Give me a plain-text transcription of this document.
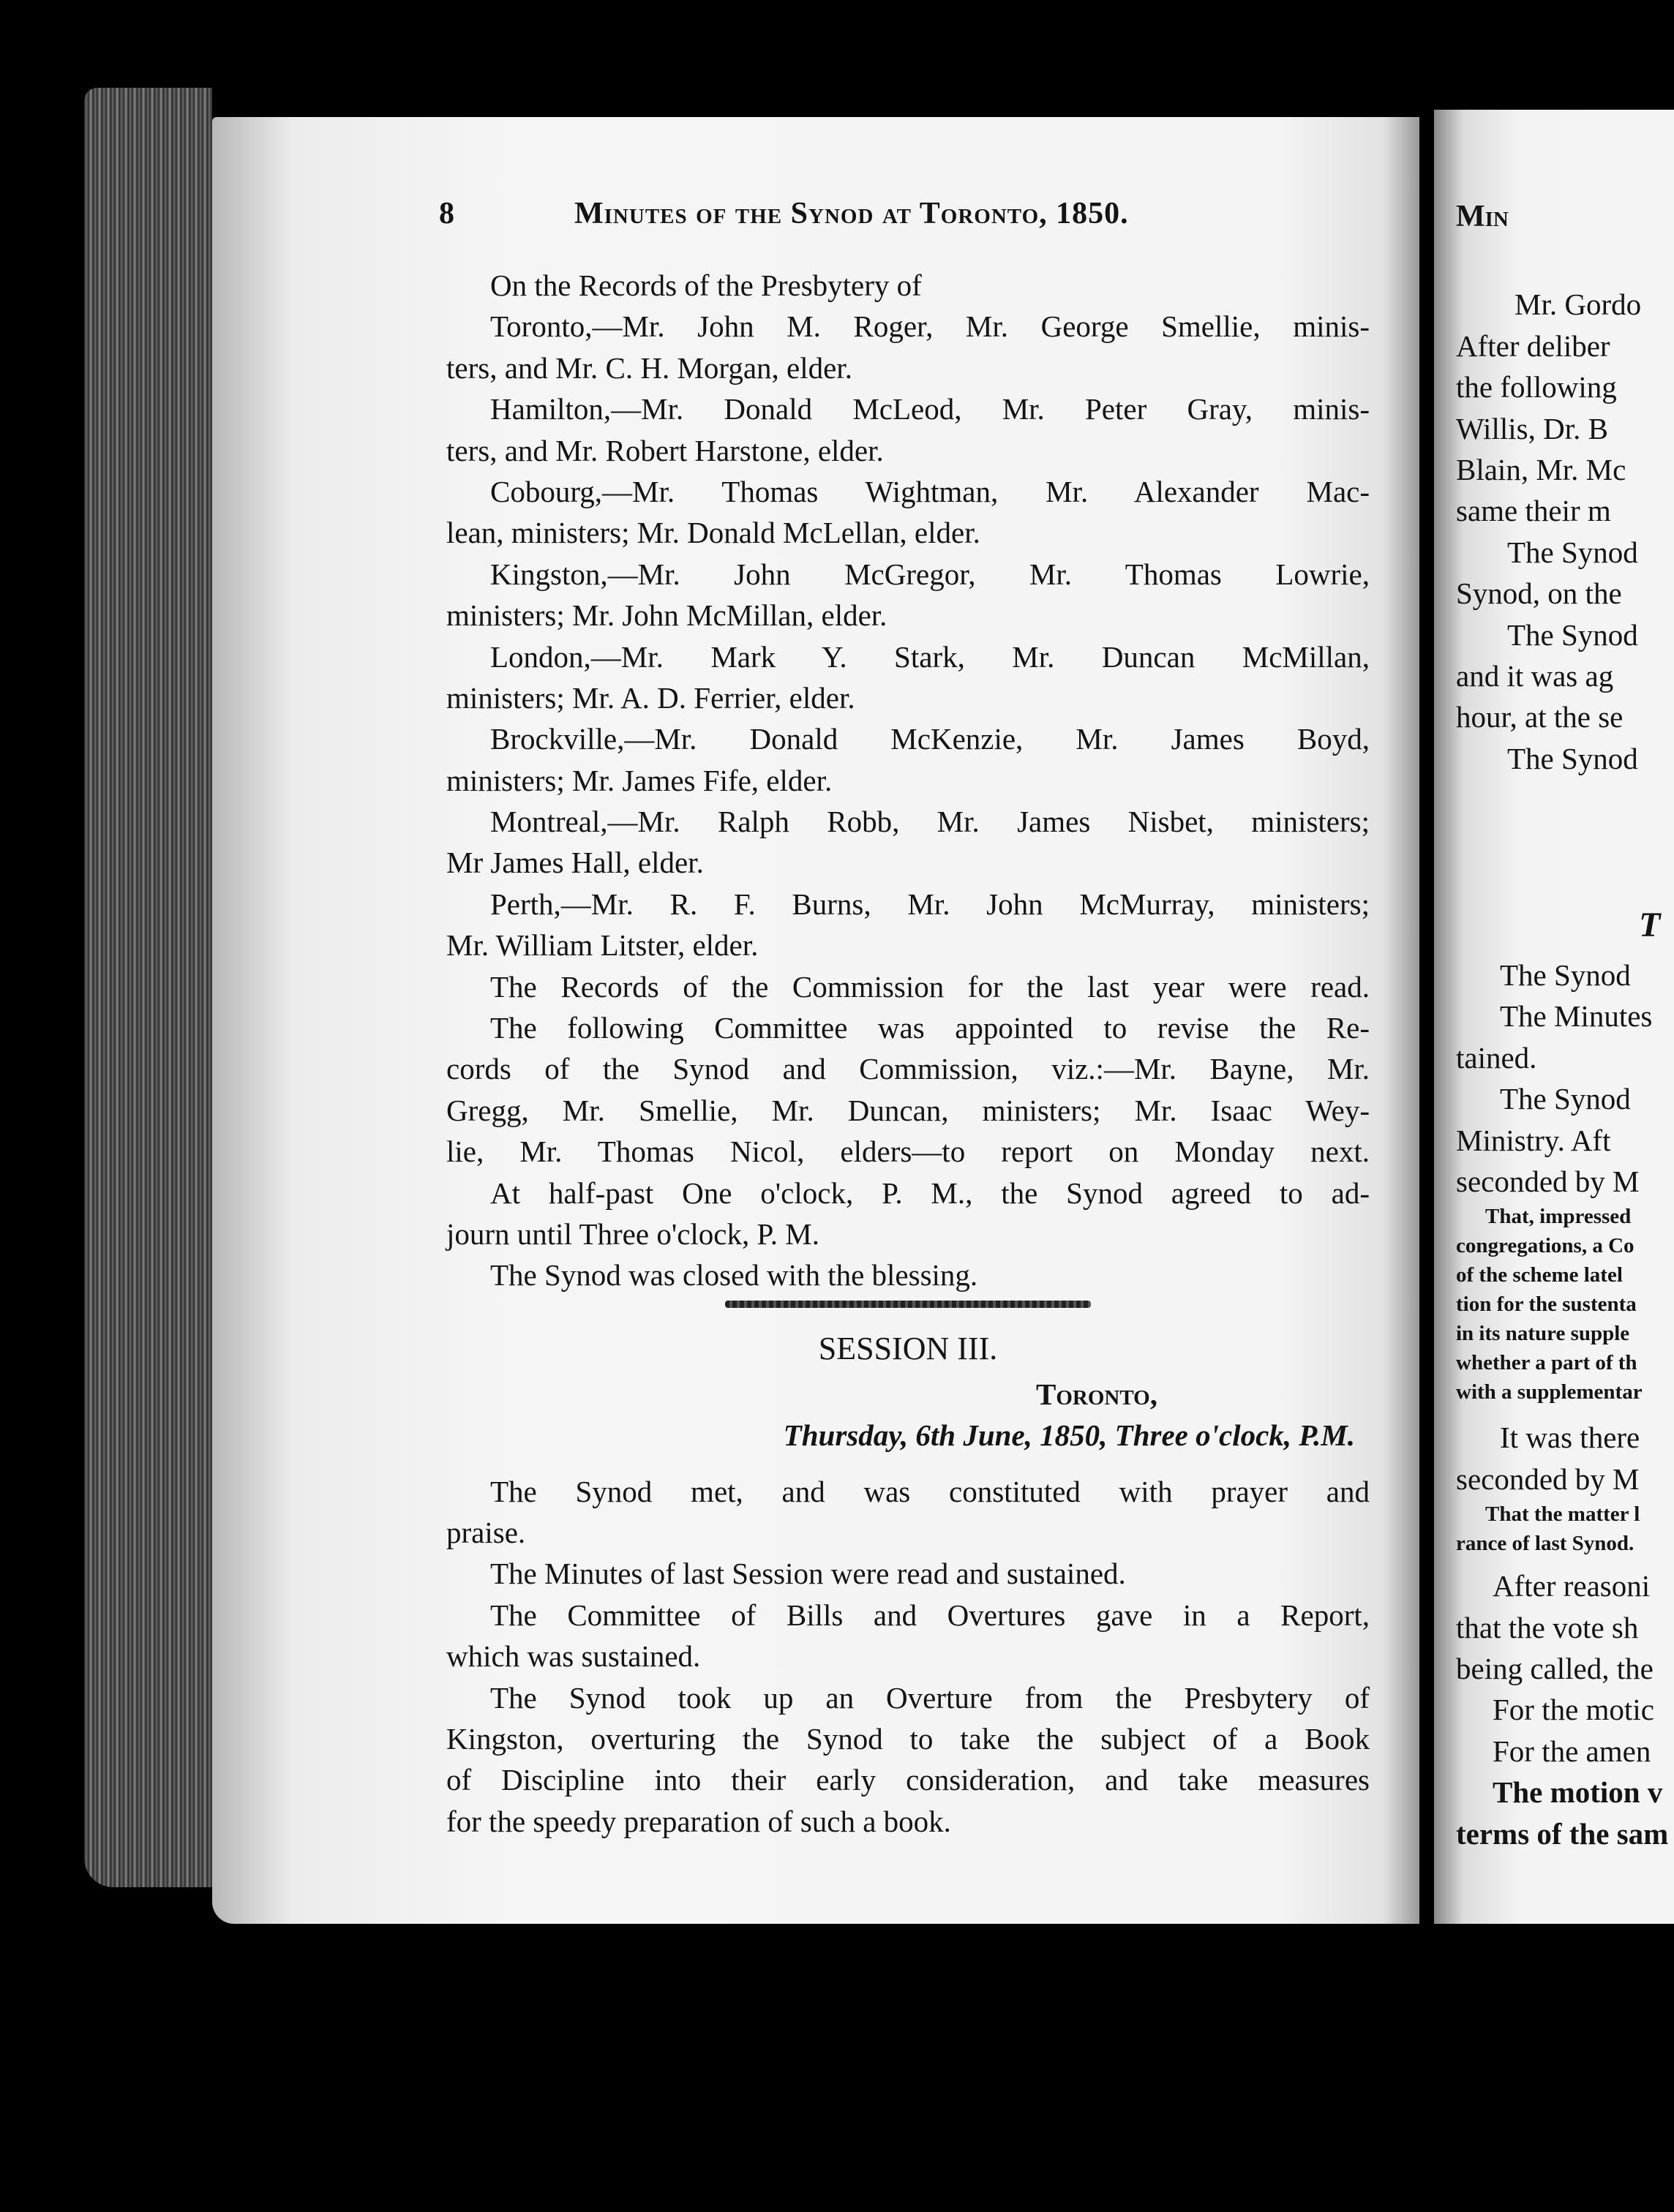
8	Minutes of the Synod at Toronto, 1850.
On the Records of the Presbytery of
Toronto,—Mr. John M. Roger, Mr. George Smellie, minis-
ters, and Mr. C. H. Morgan, elder.
Hamilton,—Mr. Donald McLeod, Mr. Peter Gray, minis-
ters, and Mr. Robert Harstone, elder.
Cobourg,—Mr. Thomas Wightman, Mr. Alexander Mac-
lean, ministers; Mr. Donald McLellan, elder.
Kingston,—Mr. John McGregor, Mr. Thomas Lowrie,
ministers; Mr. John McMillan, elder.
London,—Mr. Mark Y. Stark, Mr. Duncan McMillan,
ministers; Mr. A. D. Ferrier, elder.
Brockville,—Mr. Donald McKenzie, Mr. James Boyd,
ministers; Mr. James Fife, elder.
Montreal,—Mr. Ralph Robb, Mr. James Nisbet, ministers;
Mr James Hall, elder.
Perth,—Mr. R. F. Burns, Mr. John McMurray, ministers;
Mr. William Litster, elder.
The Records of the Commission for the last year were read.
The following Committee was appointed to revise the Re-
cords of the Synod and Commission, viz.:—Mr. Bayne, Mr.
Gregg, Mr. Smellie, Mr. Duncan, ministers; Mr. Isaac Wey-
lie, Mr. Thomas Nicol, elders—to report on Monday next.
At half-past One o'clock, P. M., the Synod agreed to ad-
journ until Three o'clock, P. M.
The Synod was closed with the blessing.
SESSION III.
Toronto,
Thursday, 6th June, 1850, Three o'clock, P.M.
The Synod met, and was constituted with prayer and
praise.
The Minutes of last Session were read and sustained.
The Committee of Bills and Overtures gave in a Report,
which was sustained.
The Synod took up an Overture from the Presbytery of
Kingston, overturing the Synod to take the subject of a Book
of Discipline into their early consideration, and take measures
for the speedy preparation of such a book.
Min
Mr. Gordo
After deliber
the following
Willis, Dr. B
Blain, Mr. Mc
same their m
The Synod
Synod, on the
The Synod
and it was ag
hour, at the se
The Synod
T
The Synod
The Minutes
tained.
The Synod
Ministry. Aft
seconded by M
That, impressed
congregations, a Co
of the scheme latel
tion for the sustenta
in its nature supple
whether a part of th
with a supplementar
It was there
seconded by M
That the matter l
rance of last Synod.
After reasoni
that the vote sh
being called, the
For the motic
For the amen
The motion v
terms of the sam
